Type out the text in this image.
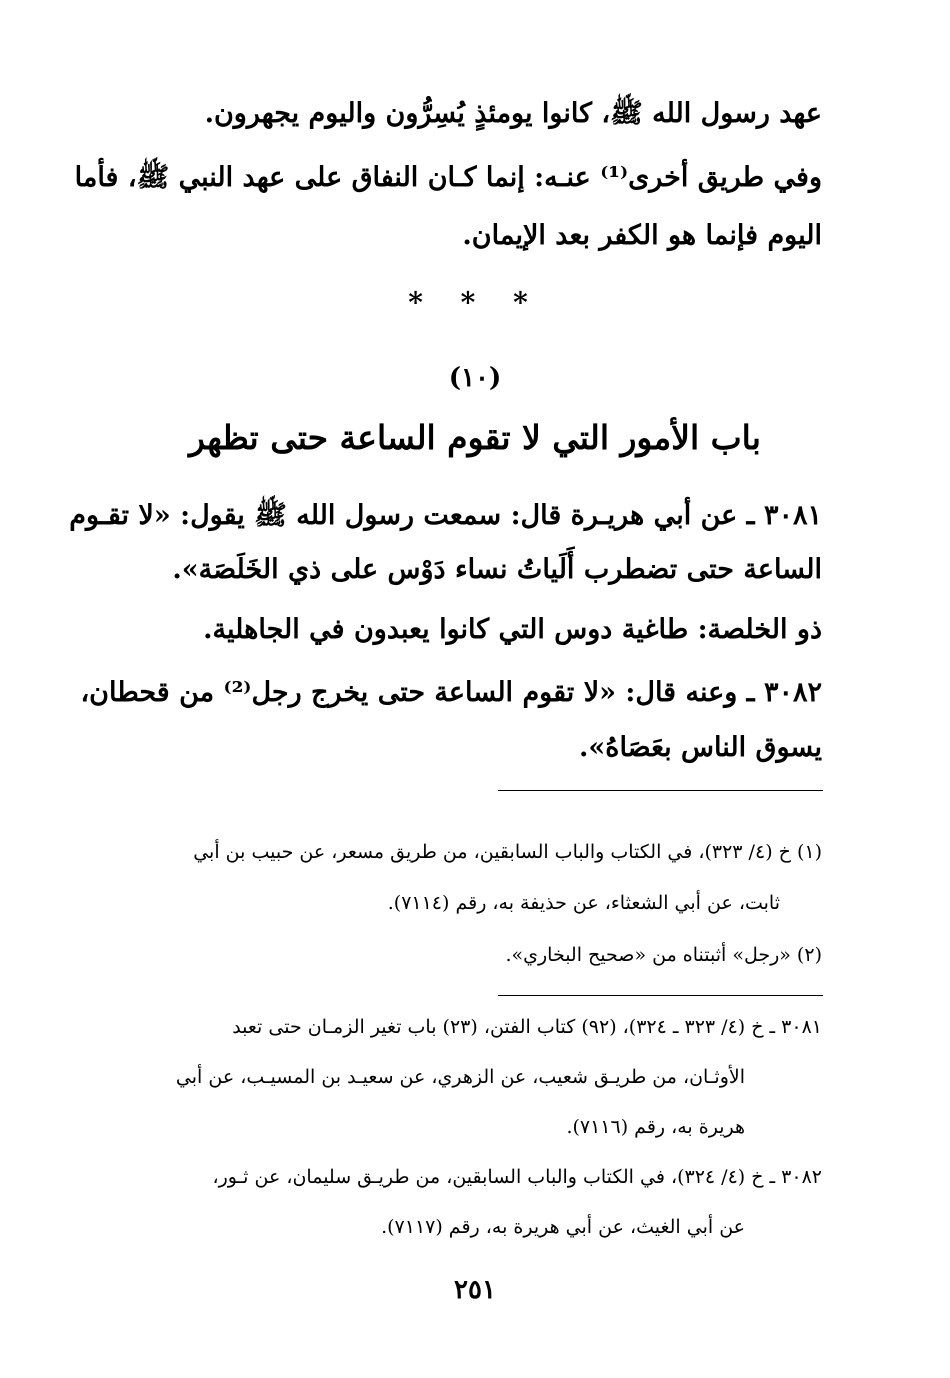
عهد رسول الله ﷺ، كانوا يومئذٍ يُسِرُّون واليوم يجهرون.
وفي طريق أخرى⁽¹⁾ عنـه: إنما كـان النفاق على عهد النبي ﷺ، فأما
اليوم فإنما هو الكفر بعد الإيمان.
* * *
(١٠)
باب الأمور التي لا تقوم الساعة حتى تظهر
٣٠٨١ ـ عن أبي هريـرة قال: سمعت رسول الله ﷺ يقول: «لا تقـوم
الساعة حتى تضطرب أَلَياتُ نساء دَوْس على ذي الخَلَصَة».
ذو الخلصة: طاغية دوس التي كانوا يعبدون في الجاهلية.
٣٠٨٢ ـ وعنه قال: «لا تقوم الساعة حتى يخرج رجل⁽²⁾ من قحطان،
يسوق الناس بعَصَاهُ».
(١) خ (٤/ ٣٢٣)، في الكتاب والباب السابقين، من طريق مسعر، عن حبيب بن أبي
ثابت، عن أبي الشعثاء، عن حذيفة به، رقم (٧١١٤).
(٢) «رجل» أثبتناه من «صحيح البخاري».
٣٠٨١ ـ خ (٤/ ٣٢٣ ـ ٣٢٤)، (٩٢) كتاب الفتن، (٢٣) باب تغير الزمـان حتى تعبد
الأوثـان، من طريـق شعيب، عن الزهري، عن سعيـد بن المسيـب، عن أبي
هريرة به، رقم (٧١١٦).
٣٠٨٢ ـ خ (٤/ ٣٢٤)، في الكتاب والباب السابقين، من طريـق سليمان، عن ثـور،
عن أبي الغيث، عن أبي هريرة به، رقم (٧١١٧).
٢٥١
